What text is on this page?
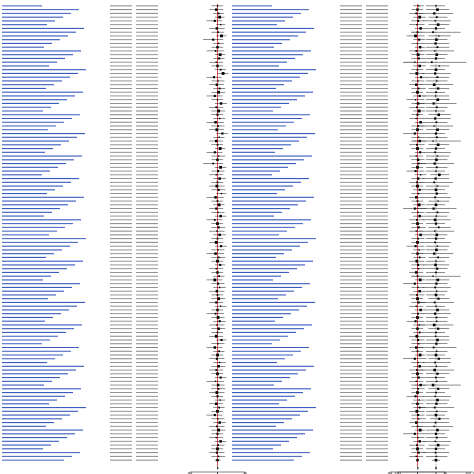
0.1	1	10	0.1	1	10
0.01	1	100
